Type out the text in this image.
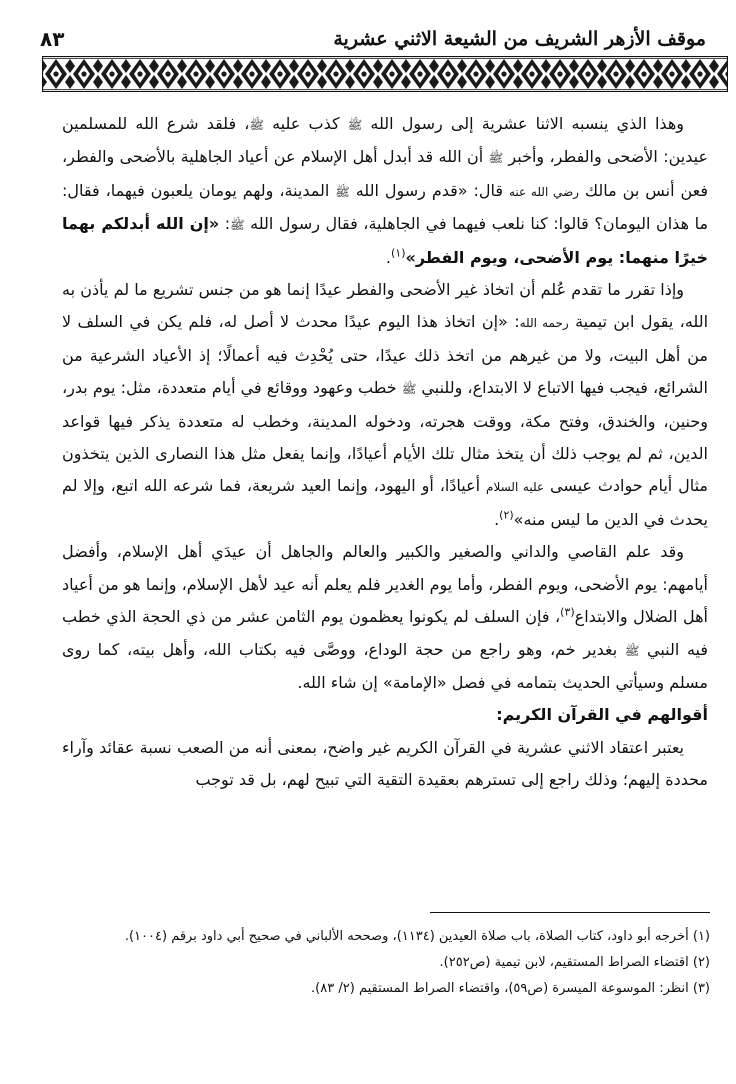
٨٣	موقف الأزهر الشريف من الشيعة الاثني عشرية

وهذا الذي ينسبه الاثنا عشرية إلى رسول الله ﷺ كذب عليه ﷺ، فلقد شرع الله للمسلمين عيدين: الأضحى والفطر، وأخبر ﷺ أن الله قد أبدل أهل الإسلام عن أعياد الجاهلية بالأضحى والفطر، فعن أنس بن مالك رضي الله عنه قال: «قدم رسول الله ﷺ المدينة، ولهم يومان يلعبون فيهما، فقال: ما هذان اليومان؟ قالوا: كنا نلعب فيهما في الجاهلية، فقال رسول الله ﷺ: «إن الله أبدلكم بهما خيرًا منهما: يوم الأضحى، ويوم الفطر»$^{(١)}$.

وإذا تقرر ما تقدم عُلم أن اتخاذ غير الأضحى والفطر عيدًا إنما هو من جنس تشريع ما لم يأذن به الله، يقول ابن تيمية رحمه الله: «إن اتخاذ هذا اليوم عيدًا محدث لا أصل له، فلم يكن في السلف لا من أهل البيت، ولا من غيرهم من اتخذ ذلك عيدًا، حتى يُحْدِث فيه أعمالًا؛ إذ الأعياد الشرعية من الشرائع، فيجب فيها الاتباع لا الابتداع، وللنبي ﷺ خطب وعهود ووقائع في أيام متعددة، مثل: يوم بدر، وحنين، والخندق، وفتح مكة، ووقت هجرته، ودخوله المدينة، وخطب له متعددة يذكر فيها قواعد الدين، ثم لم يوجب ذلك أن يتخذ مثال تلك الأيام أعيادًا، وإنما يفعل مثل هذا النصارى الذين يتخذون مثال أيام حوادث عيسى عليه السلام أعيادًا، أو اليهود، وإنما العيد شريعة، فما شرعه الله اتبع، وإلا لم يحدث في الدين ما ليس منه»$^{(٢)}$.

وقد علم القاصي والداني والصغير والكبير والعالم والجاهل أن عيدَي أهل الإسلام، وأفضل أيامهم: يوم الأضحى، ويوم الفطر، وأما يوم الغدير فلم يعلم أنه عيد لأهل الإسلام، وإنما هو من أعياد أهل الضلال والابتداع$^{(٣)}$، فإن السلف لم يكونوا يعظمون يوم الثامن عشر من ذي الحجة الذي خطب فيه النبي ﷺ بغدير خم، وهو راجع من حجة الوداع، ووصَّى فيه بكتاب الله، وأهل بيته، كما روى مسلم وسيأتي الحديث بتمامه في فصل «الإمامة» إن شاء الله.

أقوالهم في القرآن الكريم:

يعتبر اعتقاد الاثني عشرية في القرآن الكريم غير واضح، بمعنى أنه من الصعب نسبة عقائد وآراء محددة إليهم؛ وذلك راجع إلى تسترهم بعقيدة التقية التي تبيح لهم، بل قد توجب

(١) أخرجه أبو داود، كتاب الصلاة، باب صلاة العيدين (١١٣٤)، وصححه الألباني في صحيح أبي داود برقم (١٠٠٤).

(٢) اقتضاء الصراط المستقيم، لابن تيمية (ص٢٥٢).

(٣) انظر: الموسوعة الميسرة (ص٥٩)، واقتضاء الصراط المستقيم (٢/ ٨٣).
